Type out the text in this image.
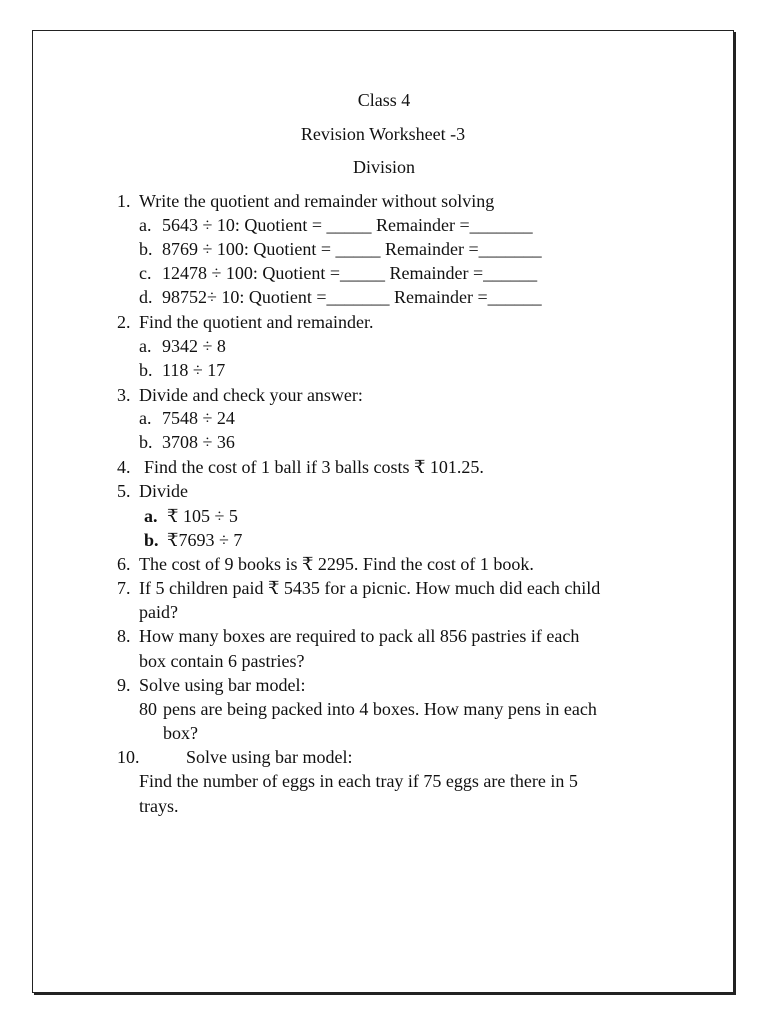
Class 4
Revision Worksheet -3
Division
1. Write the quotient and remainder without solving
a. 5643 ÷ 10: Quotient = _____ Remainder =_______
b. 8769 ÷ 100: Quotient = _____ Remainder =_______
c. 12478 ÷ 100: Quotient =_____ Remainder =______
d. 98752÷ 10: Quotient =_______ Remainder =______
2. Find the quotient and remainder.
a. 9342 ÷ 8
b. 118 ÷ 17
3. Divide and check your answer:
a. 7548 ÷ 24
b. 3708 ÷ 36
4. Find the cost of 1 ball if 3 balls costs ₹ 101.25.
5. Divide
a. ₹ 105 ÷ 5
b. ₹7693 ÷ 7
6. The cost of 9 books is ₹ 2295. Find the cost of 1 book.
7. If 5 children paid ₹ 5435 for a picnic. How much did each child
paid?
8. How many boxes are required to pack all 856 pastries if each
box contain 6 pastries?
9. Solve using bar model:
80 pens are being packed into 4 boxes. How many pens in each
box?
10.	Solve using bar model:
Find the number of eggs in each tray if 75 eggs are there in 5
trays.
